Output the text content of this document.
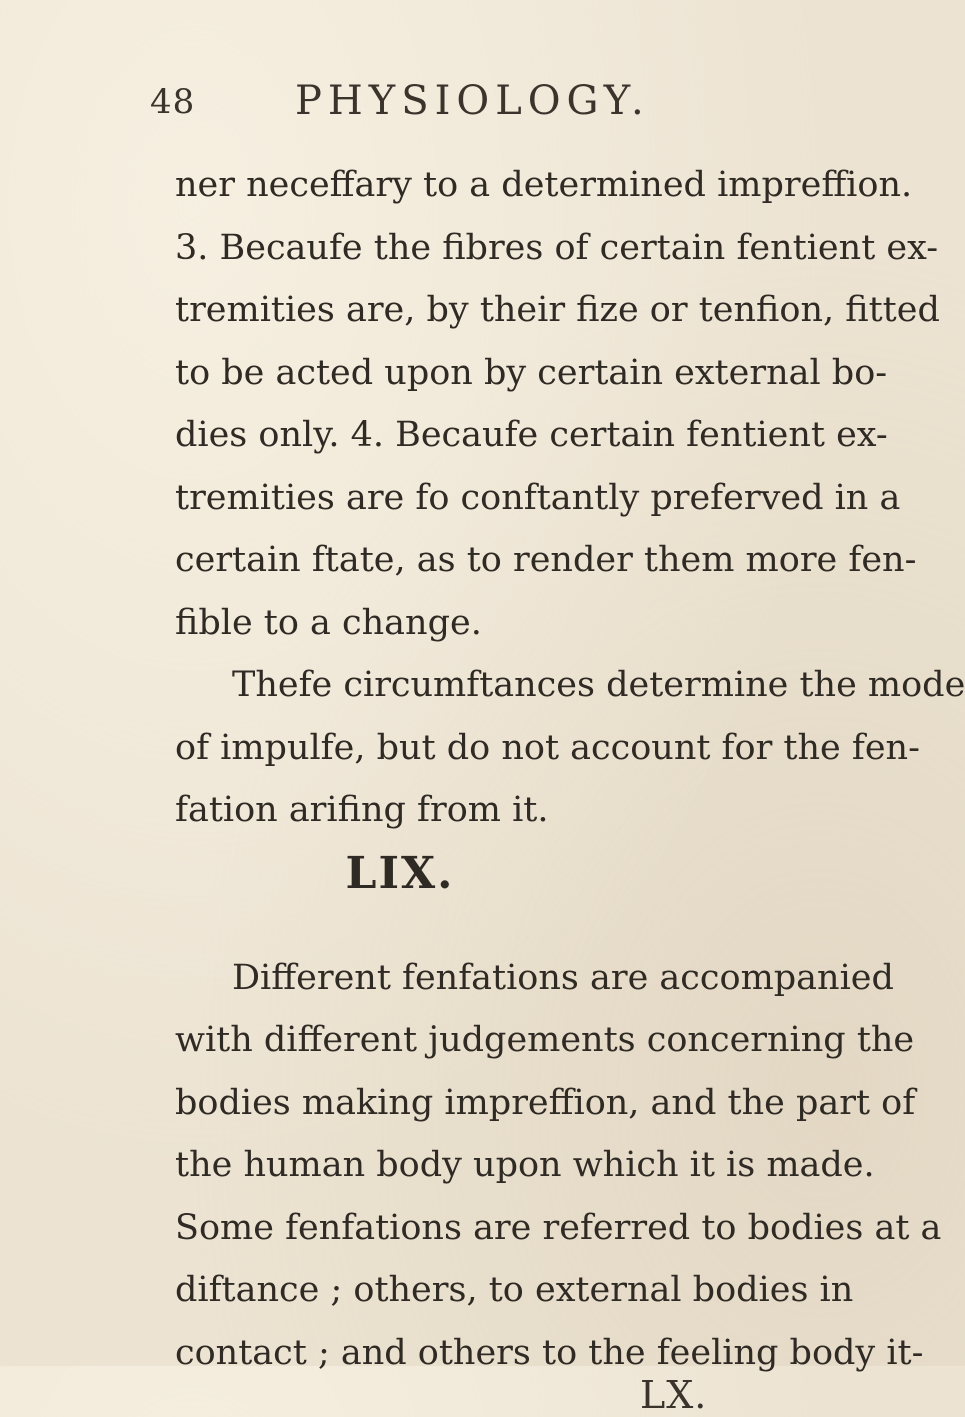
48 PHYSIOLOGY.
ner neceffary to a determined impreffion.
3. Becaufe the fibres of certain fentient ex-
tremities are, by their fize or tenfion, fitted
to be acted upon by certain external bo-
dies only. 4. Becaufe certain fentient ex-
tremities are fo conftantly preferved in a
certain ftate, as to render them more fen-
fible to a change.
Thefe circumftances determine the mode
of impulfe, but do not account for the fen-
fation arifing from it.
LIX.
Different fenfations are accompanied
with different judgements concerning the
bodies making impreffion, and the part of
the human body upon which it is made.
Some fenfations are referred to bodies at a
diftance ; others, to external bodies in
contact ; and others to the feeling body it-
LX.
